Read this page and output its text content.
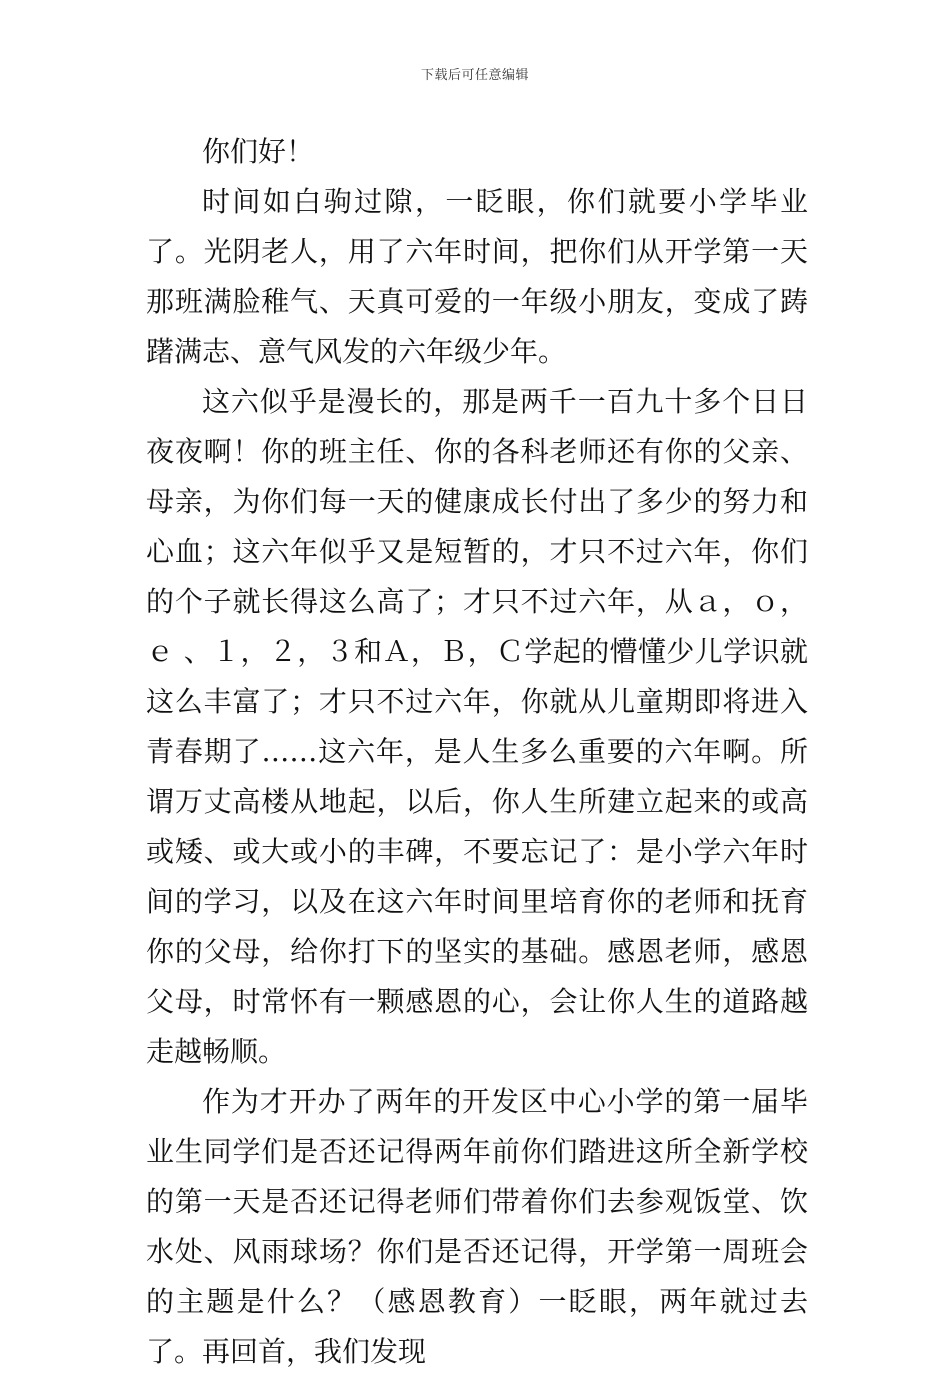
下载后可任意编辑

你们好！

时间如白驹过隙，一眨眼，你们就要小学毕业了。光阴老人，用了六年时间，把你们从开学第一天那班满脸稚气、天真可爱的一年级小朋友，变成了踌躇满志、意气风发的六年级少年。

这六似乎是漫长的，那是两千一百九十多个日日夜夜啊！你的班主任、你的各科老师还有你的父亲、母亲，为你们每一天的健康成长付出了多少的努力和心血；这六年似乎又是短暂的，才只不过六年，你们的个子就长得这么高了；才只不过六年，从ａ，ｏ，ｅ 、１，２，３和Ａ，Ｂ，Ｃ学起的懵懂少儿学识就这么丰富了；才只不过六年，你就从儿童期即将进入青春期了……这六年，是人生多么重要的六年啊。所谓万丈高楼从地起，以后，你人生所建立起来的或高或矮、或大或小的丰碑，不要忘记了：是小学六年时间的学习，以及在这六年时间里培育你的老师和抚育你的父母，给你打下的坚实的基础。感恩老师，感恩父母，时常怀有一颗感恩的心，会让你人生的道路越走越畅顺。

作为才开办了两年的开发区中心小学的第一届毕业生同学们是否还记得两年前你们踏进这所全新学校的第一天是否还记得老师们带着你们去参观饭堂、饮水处、风雨球场？你们是否还记得，开学第一周班会的主题是什么？（感恩教育）一眨眼，两年就过去了。再回首，我们发现
